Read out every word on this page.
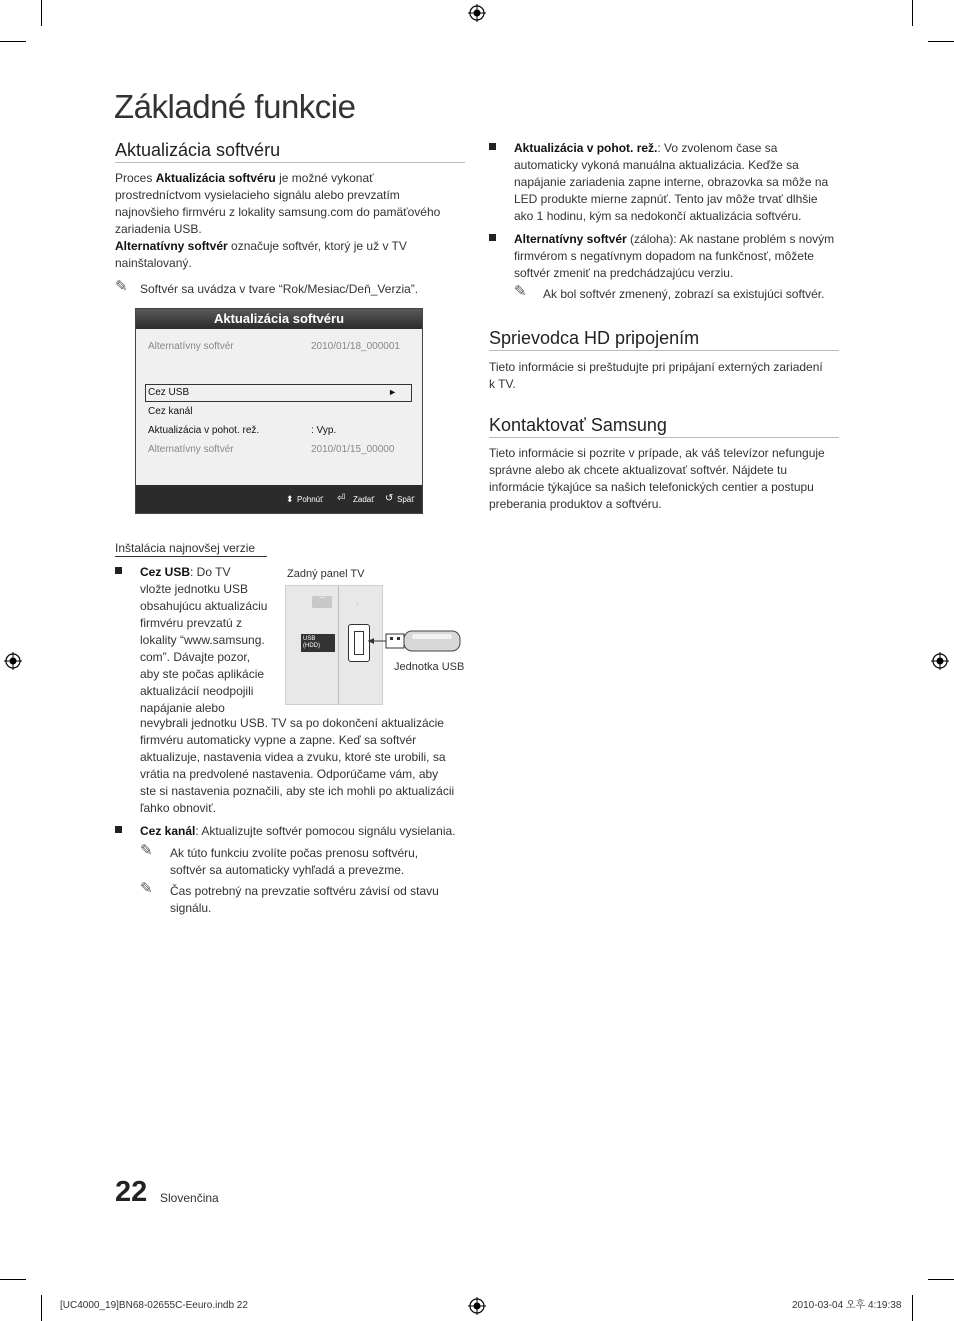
Základné funkcie
Aktualizácia softvéru
Proces Aktualizácia softvéru je možné vykonať
prostredníctvom vysielacieho signálu alebo prevzatím
najnovšieho firmvéru z lokality samsung.com do pamäťového
zariadenia USB.
Alternatívny softvér označuje softvér, ktorý je už v TV
nainštalovaný.
✎ Softvér sa uvádza v tvare “Rok/Mesiac/Deň_Verzia”.
Aktualizácia softvéru
Alternatívny softvér	2010/01/18_000001
Cez USB	►
Cez kanál
Aktualizácia v pohot. rež.	: Vyp.
Alternatívny softvér	2010/01/15_00000
⬍ Pohnúť ⏎ Zadať ↺ Späť
Inštalácia najnovšej verzie
Cez USB: Do TV
vložte jednotku USB
obsahujúcu aktualizáciu
firmvéru prevzatú z
lokality “www.samsung.
com”. Dávajte pozor,
aby ste počas aplikácie
aktualizácií neodpojili
napájanie alebo
nevybrali jednotku USB. TV sa po dokončení aktualizácie
firmvéru automaticky vypne a zapne. Keď sa softvér
aktualizuje, nastavenia videa a zvuku, ktoré ste urobili, sa
vrátia na predvolené nastavenia. Odporúčame vám, aby
ste si nastavenia poznačili, aby ste ich mohli po aktualizácii
ľahko obnoviť.
Zadný panel TV
⌒	◦
USB
(HDD)
Jednotka USB
Cez kanál: Aktualizujte softvér pomocou signálu vysielania.
✎ Ak túto funkciu zvolíte počas prenosu softvéru,
softvér sa automaticky vyhľadá a prevezme.
✎ Čas potrebný na prevzatie softvéru závisí od stavu
signálu.
Aktualizácia v pohot. rež.: Vo zvolenom čase sa
automaticky vykoná manuálna aktualizácia. Keďže sa
napájanie zariadenia zapne interne, obrazovka sa môže na
LED produkte mierne zapnúť. Tento jav môže trvať dlhšie
ako 1 hodinu, kým sa nedokončí aktualizácia softvéru.
Alternatívny softvér (záloha): Ak nastane problém s novým
firmvérom s negatívnym dopadom na funkčnosť, môžete
softvér zmeniť na predchádzajúcu verziu.
✎ Ak bol softvér zmenený, zobrazí sa existujúci softvér.
Sprievodca HD pripojením
Tieto informácie si preštudujte pri pripájaní externých zariadení
k TV.
Kontaktovať Samsung
Tieto informácie si pozrite v prípade, ak váš televízor nefunguje
správne alebo ak chcete aktualizovať softvér. Nájdete tu
informácie týkajúce sa našich telefonických centier a postupu
preberania produktov a softvéru.
22 Slovenčina
[UC4000_19]BN68-02655C-Eeuro.indb 22	2010-03-04 오후 4:19:38
